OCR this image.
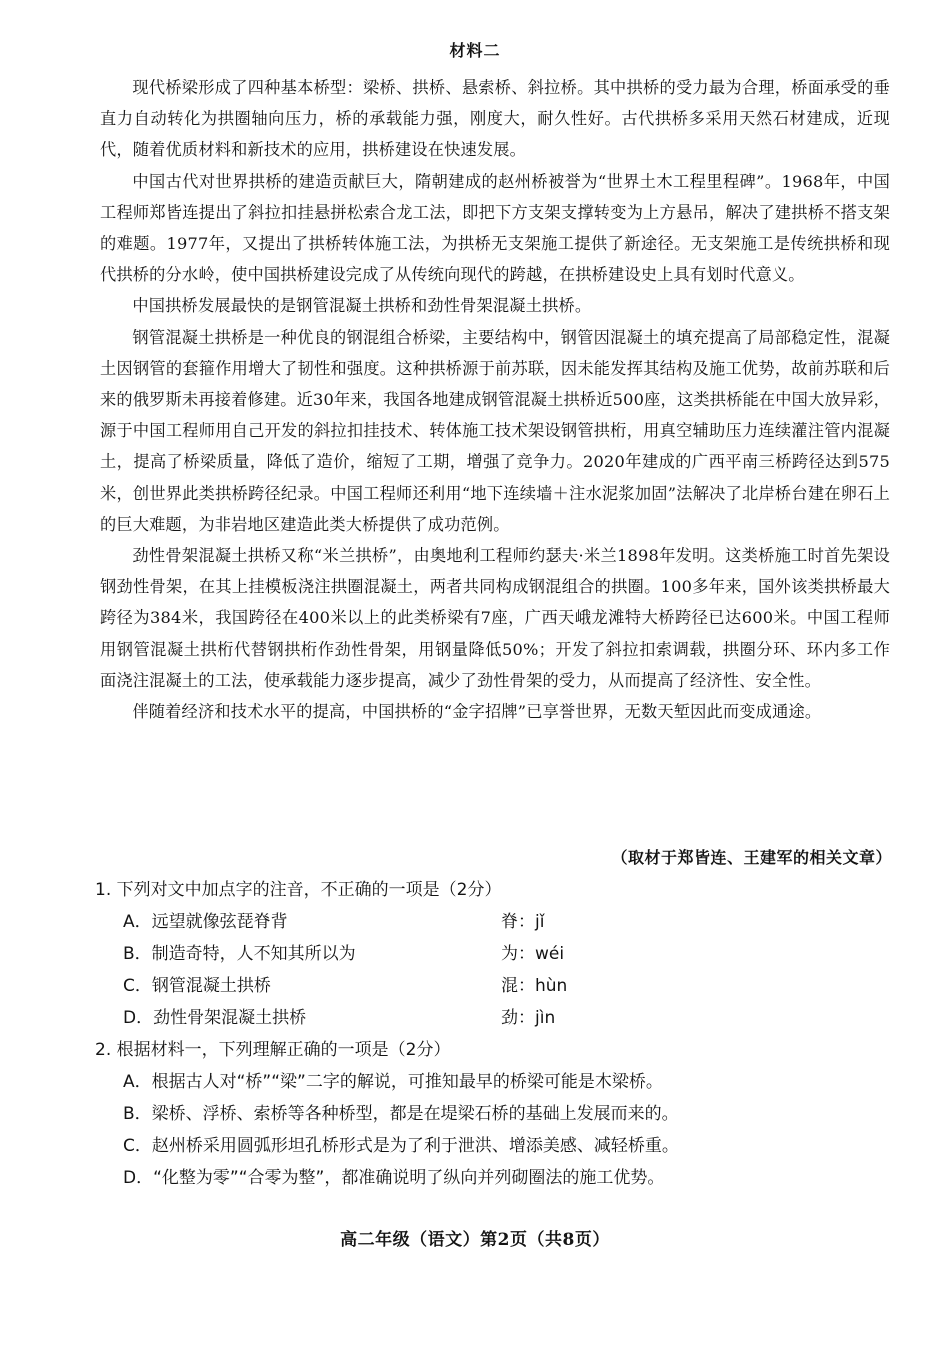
材料二

现代桥梁形成了四种基本桥型：梁桥、拱桥、悬索桥、斜拉桥。其中拱桥的受力最为合理，桥面承受的垂直力自动转化为拱圈轴向压力，桥的承载能力强，刚度大，耐久性好。古代拱桥多采用天然石材建成，近现代，随着优质材料和新技术的应用，拱桥建设在快速发展。

中国古代对世界拱桥的建造贡献巨大，隋朝建成的赵州桥被誉为“世界土木工程里程碑”。1968年，中国工程师郑皆连提出了斜拉扣挂悬拼松索合龙工法，即把下方支架支撑转变为上方悬吊，解决了建拱桥不搭支架的难题。1977年，又提出了拱桥转体施工法，为拱桥无支架施工提供了新途径。无支架施工是传统拱桥和现代拱桥的分水岭，使中国拱桥建设完成了从传统向现代的跨越，在拱桥建设史上具有划时代意义。

中国拱桥发展最快的是钢管混凝土拱桥和劲性骨架混凝土拱桥。

钢管混凝土拱桥是一种优良的钢混组合桥梁，主要结构中，钢管因混凝土的填充提高了局部稳定性，混凝土因钢管的套箍作用增大了韧性和强度。这种拱桥源于前苏联，因未能发挥其结构及施工优势，故前苏联和后来的俄罗斯未再接着修建。近30年来，我国各地建成钢管混凝土拱桥近500座，这类拱桥能在中国大放异彩，源于中国工程师用自己开发的斜拉扣挂技术、转体施工技术架设钢管拱桁，用真空辅助压力连续灌注管内混凝土，提高了桥梁质量，降低了造价，缩短了工期，增强了竞争力。2020年建成的广西平南三桥跨径达到575米，创世界此类拱桥跨径纪录。中国工程师还利用“地下连续墙＋注水泥浆加固”法解决了北岸桥台建在卵石上的巨大难题，为非岩地区建造此类大桥提供了成功范例。

劲性骨架混凝土拱桥又称“米兰拱桥”，由奥地利工程师约瑟夫·米兰1898年发明。这类桥施工时首先架设钢劲性骨架，在其上挂模板浇注拱圈混凝土，两者共同构成钢混组合的拱圈。100多年来，国外该类拱桥最大跨径为384米，我国跨径在400米以上的此类桥梁有7座，广西天峨龙滩特大桥跨径已达600米。中国工程师用钢管混凝土拱桁代替钢拱桁作劲性骨架，用钢量降低50%；开发了斜拉扣索调载，拱圈分环、环内多工作面浇注混凝土的工法，使承载能力逐步提高，减少了劲性骨架的受力，从而提高了经济性、安全性。

伴随着经济和技术水平的提高，中国拱桥的“金字招牌”已享誉世界，无数天堑因此而变成通途。

（取材于郑皆连、王建军的相关文章）
1. 下列对文中加点字的注音，不正确的一项是（2分）
A．远望就像弦琵脊背	脊：jǐ
B．制造奇特，人不知其所以为	为：wéi
C．钢管混凝土拱桥	混：hùn
D．劲性骨架混凝土拱桥	劲：jìn
2. 根据材料一，下列理解正确的一项是（2分）
A．根据古人对“桥”“梁”二字的解说，可推知最早的桥梁可能是木梁桥。
B．梁桥、浮桥、索桥等各种桥型，都是在堤梁石桥的基础上发展而来的。
C．赵州桥采用圆弧形坦孔桥形式是为了利于泄洪、增添美感、减轻桥重。
D．“化整为零”“合零为整”，都准确说明了纵向并列砌圈法的施工优势。
高二年级（语文）第2页（共8页）
